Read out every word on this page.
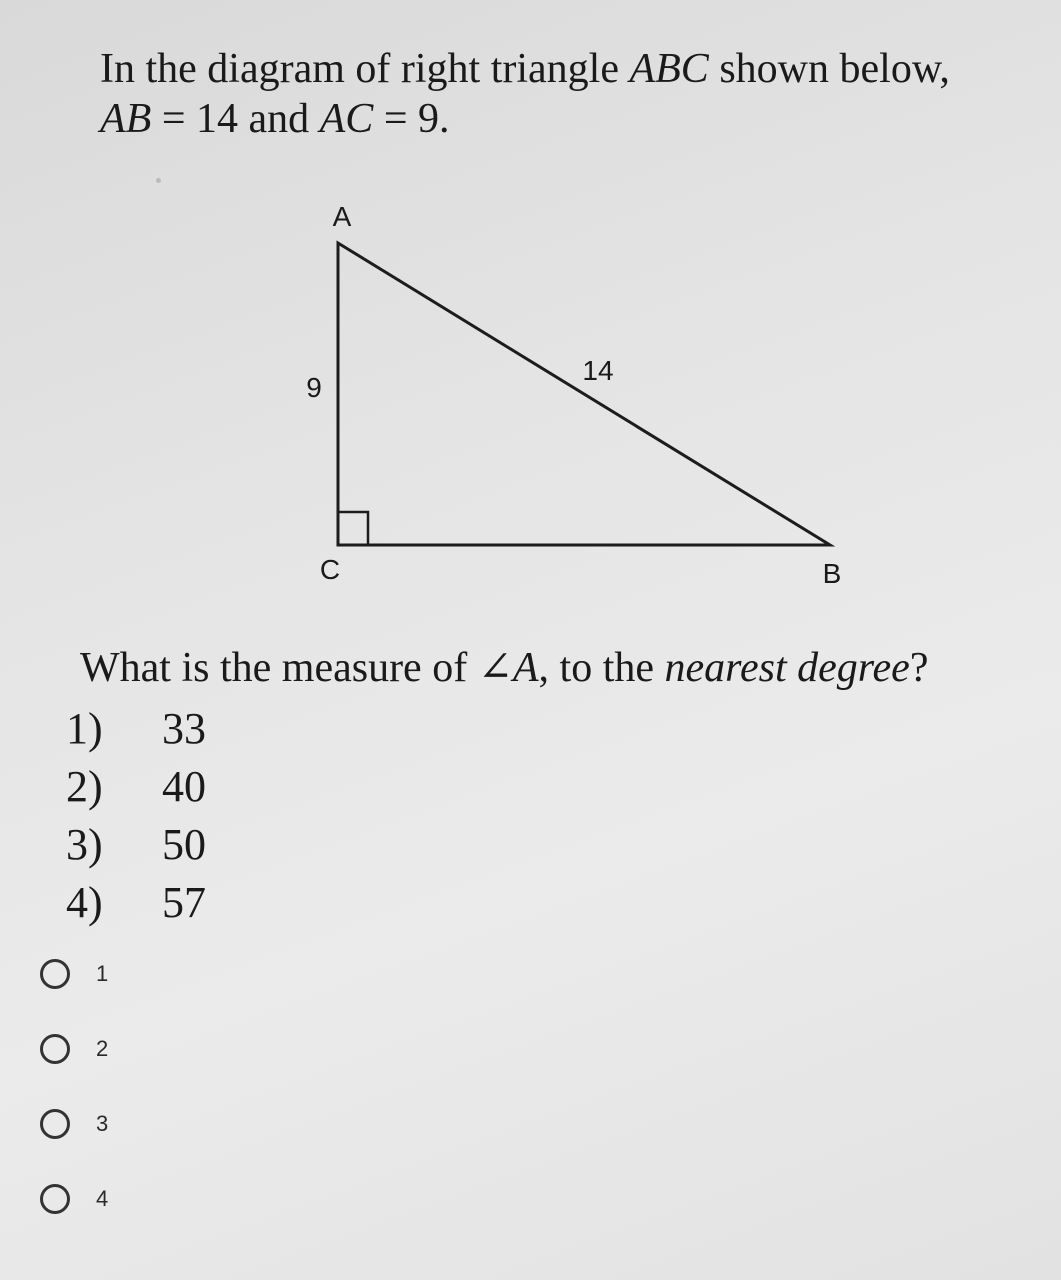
In the diagram of right triangle ABC shown below,
AB = 14 and AC = 9.
A
C	B
9
14
What is the measure of ∠A, to the nearest degree?
1)	33
2)	40
3)	50
4)	57
1
2
3
4
